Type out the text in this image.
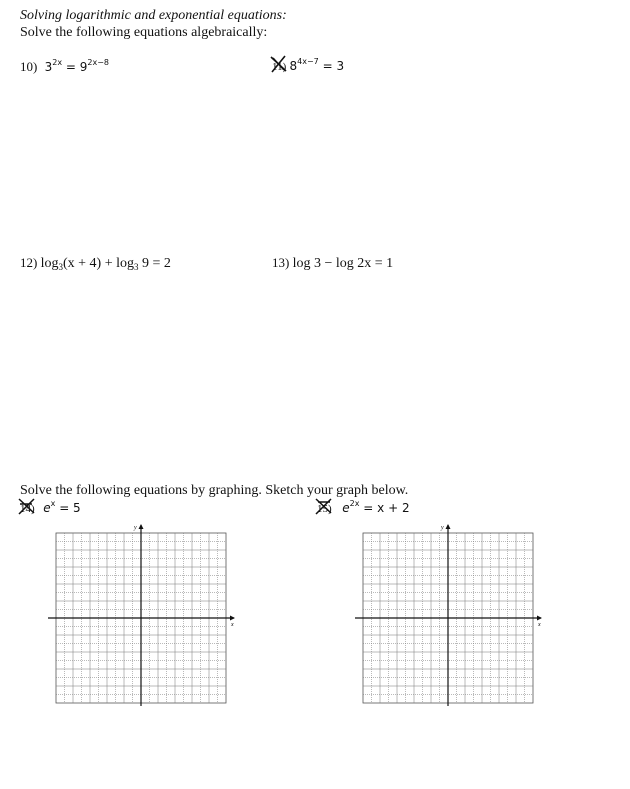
Solving logarithmic and exponential equations:
Solve the following equations algebraically:
10) $3^{2x} = 9^{2x-8}$	11) $8^{4x-7} = 3$
12) $\log_3(x + 4) + \log_3 9 = 2$	13) log 3 − log 2x = 1
Solve the following equations by graphing. Sketch your graph below.
14) $e^x = 5$	15) $e^{2x} = x + 2$
y
x
y
x
